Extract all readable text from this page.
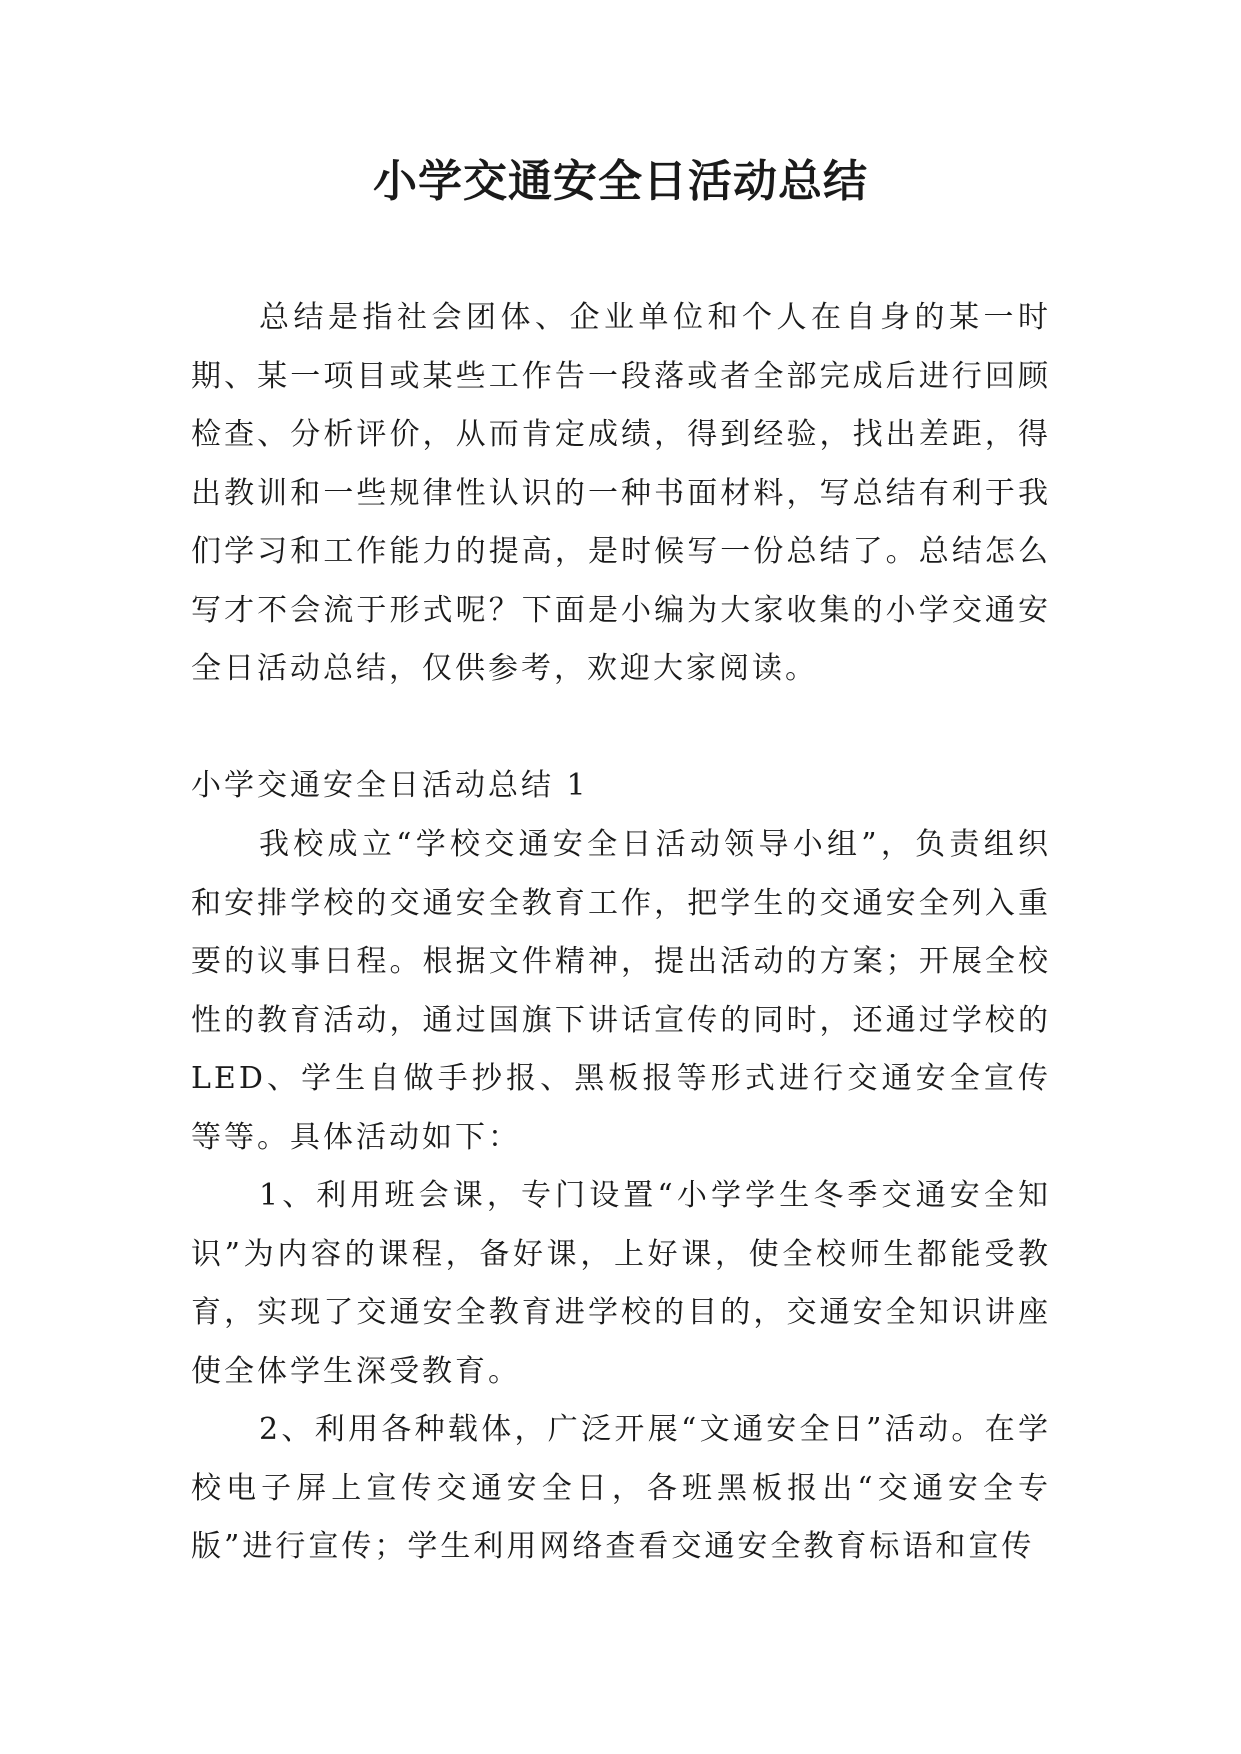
小学交通安全日活动总结

总结是指社会团体、企业单位和个人在自身的某一时期、某一项目或某些工作告一段落或者全部完成后进行回顾检查、分析评价，从而肯定成绩，得到经验，找出差距，得出教训和一些规律性认识的一种书面材料，写总结有利于我们学习和工作能力的提高，是时候写一份总结了。总结怎么写才不会流于形式呢？下面是小编为大家收集的小学交通安全日活动总结，仅供参考，欢迎大家阅读。

小学交通安全日活动总结 1

我校成立“学校交通安全日活动领导小组”，负责组织和安排学校的交通安全教育工作，把学生的交通安全列入重要的议事日程。根据文件精神，提出活动的方案；开展全校性的教育活动，通过国旗下讲话宣传的同时，还通过学校的LED、学生自做手抄报、黑板报等形式进行交通安全宣传等等。具体活动如下：

1、利用班会课，专门设置“小学学生冬季交通安全知识”为内容的课程，备好课，上好课，使全校师生都能受教育，实现了交通安全教育进学校的目的，交通安全知识讲座使全体学生深受教育。

2、利用各种载体，广泛开展“文通安全日”活动。在学校电子屏上宣传交通安全日，各班黑板报出“交通安全专版”进行宣传；学生利用网络查看交通安全教育标语和宣传
